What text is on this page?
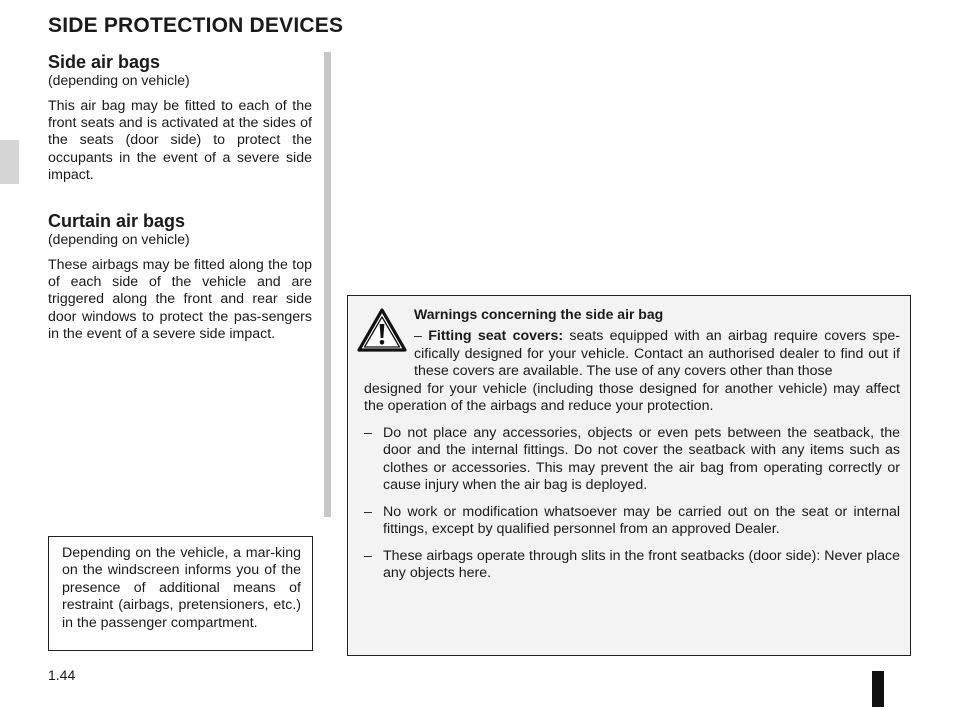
SIDE PROTECTION DEVICES
Side air bags

(depending on vehicle)

This air bag may be fitted to each of the front seats and is activated at the sides of the seats (door side) to protect the occupants in the event of a severe side impact.

Curtain air bags

(depending on vehicle)

These airbags may be fitted along the top of each side of the vehicle and are triggered along the front and rear side door windows to protect the pas-sengers in the event of a severe side impact.

Depending on the vehicle, a mar-king on the windscreen informs you of the presence of additional means of restraint (airbags, pretensioners, etc.) in the passenger compartment.

Warnings concerning the side air bag

– Fitting seat covers: seats equipped with an airbag require covers spe-cifically designed for your vehicle. Contact an authorised dealer to find out if these covers are available. The use of any covers other than those
designed for your vehicle (including those designed for another vehicle) may affect the operation of the airbags and reduce your protection.

– Do not place any accessories, objects or even pets between the seatback, the door and the internal fittings. Do not cover the seatback with any items such as clothes or accessories. This may prevent the air bag from operating correctly or cause injury when the air bag is deployed.

– No work or modification whatsoever may be carried out on the seat or internal fittings, except by qualified personnel from an approved Dealer.

– These airbags operate through slits in the front seatbacks (door side): Never place any objects here.

1.44
